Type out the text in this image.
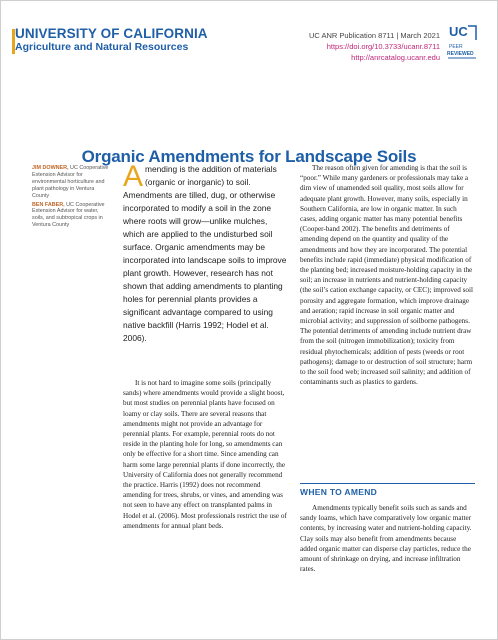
UNIVERSITY OF CALIFORNIA
Agriculture and Natural Resources
UC ANR Publication 8711 | March 2021
https://doi.org/10.3733/ucanr.8711
http://anrcatalog.ucanr.edu
UC
PEER
REVIEWED
Organic Amendments for Landscape Soils

JIM DOWNER, UC Cooperative Extension Advisor for environmental horticulture and plant pathology in Ventura County

BEN FABER, UC Cooperative Extension Advisor for water, soils, and subtropical crops in Ventura County

Amending is the addition of materials (organic or inorganic) to soil. Amendments are tilled, dug, or otherwise incorporated to modify a soil in the zone where roots will grow—unlike mulches, which are applied to the undisturbed soil surface. Organic amendments may be incorporated into landscape soils to improve plant growth. However, research has not shown that adding amendments to planting holes for perennial plants provides a significant advantage compared to using native backfill (Harris 1992; Hodel et al. 2006).

It is not hard to imagine some soils (principally sands) where amendments would provide a slight boost, but most studies on perennial plants have focused on loamy or clay soils. There are several reasons that amendments might not provide an advantage for perennial plants. For example, perennial roots do not reside in the planting hole for long, so amendments can only be effective for a short time. Since amending can harm some large perennial plants if done incorrectly, the University of California does not generally recommend the practice. Harris (1992) does not recommend amending for trees, shrubs, or vines, and amending was not seen to have any effect on transplanted palms in Hodel et al. (2006). Most professionals restrict the use of amendments for annual plant beds.

The reason often given for amending is that the soil is “poor.” While many gardeners or professionals may take a dim view of unamended soil quality, most soils allow for adequate plant growth. However, many soils, especially in Southern California, are low in organic matter. In such cases, adding organic matter has many potential benefits (Cooper-band 2002). The benefits and detriments of amending depend on the quantity and quality of the amendments and how they are incorporated. The potential benefits include rapid (immediate) physical modification of the planting bed; increased moisture-holding capacity in the soil; an increase in nutrients and nutrient-holding capacity (the soil’s cation exchange capacity, or CEC); improved soil porosity and aggregate formation, which improve drainage and aeration; rapid increase in soil organic matter and microbial activity; and suppression of soilborne pathogens. The potential detriments of amending include nutrient draw from the soil (nitrogen immobilization); toxicity from residual phytochemicals; addition of pests (weeds or root pathogens); damage to or destruction of soil structure; harm to the soil food web; increased soil salinity; and addition of contaminants such as plastics to gardens.

WHEN TO AMEND

Amendments typically benefit soils such as sands and sandy loams, which have comparatively low organic matter contents, by increasing water and nutrient-holding capacity. Clay soils may also benefit from amendments because added organic matter can disperse clay particles, reduce the amount of shrinkage on drying, and increase infiltration rates.
